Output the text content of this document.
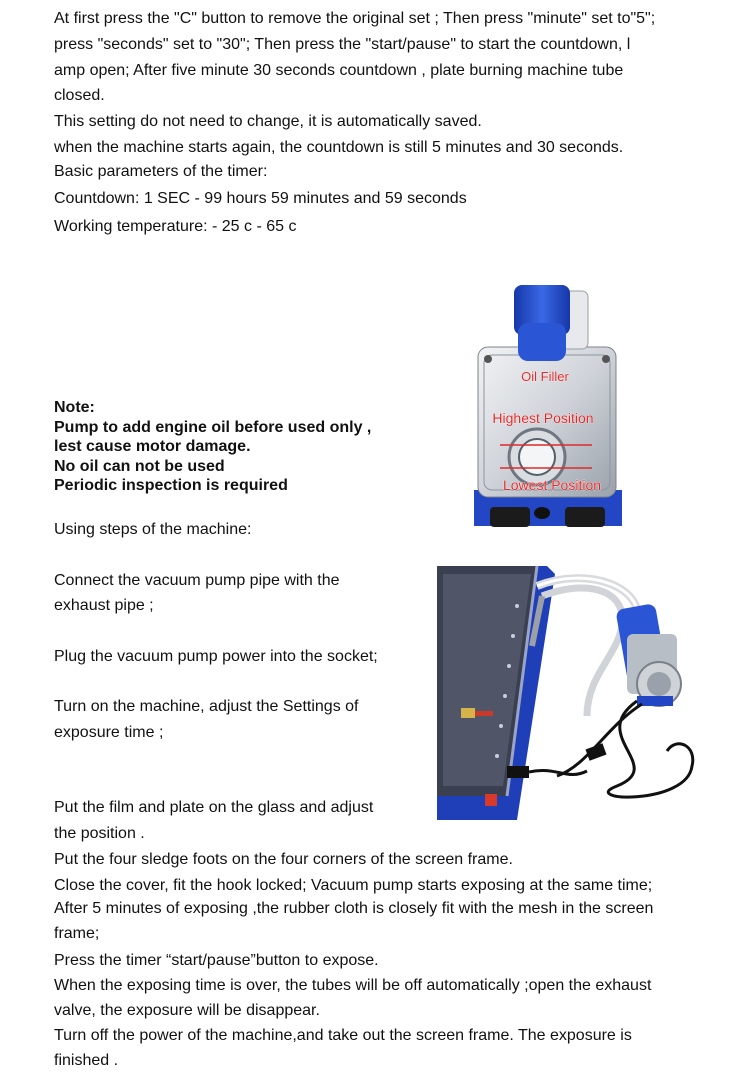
At first press the "C" button to remove the original set ; Then press "minute" set to"5";
press "seconds" set to "30"; Then press the "start/pause" to start the countdown, l
amp open; After five minute 30 seconds countdown , plate burning machine tube
closed.
This setting do not need to change, it is automatically saved.
when the machine starts again, the countdown is still 5 minutes and 30 seconds.
Basic parameters of the timer:
Countdown: 1 SEC - 99 hours 59 minutes and 59 seconds
Working temperature: - 25 c - 65 c
Note:
Pump to add engine oil before used only ,
lest cause motor damage.
No oil can not be used
Periodic inspection is required
Oil Filler
Highest Position
Lowest Position
Using steps of the machine:
Connect the vacuum pump pipe with the
exhaust pipe ;
Plug the vacuum pump power into the socket;
Turn on the machine, adjust the Settings of
exposure time ;
Put the film and plate on the glass and adjust
the position .
Put the four sledge foots on the four corners of the screen frame.
Close the cover, fit the hook locked; Vacuum pump starts exposing at the same time;
After 5 minutes of exposing ,the rubber cloth is closely fit with the mesh in the screen
frame;
Press the timer “start/pause”button to expose.
When the exposing time is over, the tubes will be off automatically ;open the exhaust
valve, the exposure will be disappear.
Turn off the power of the machine,and take out the screen frame. The exposure is
finished .
